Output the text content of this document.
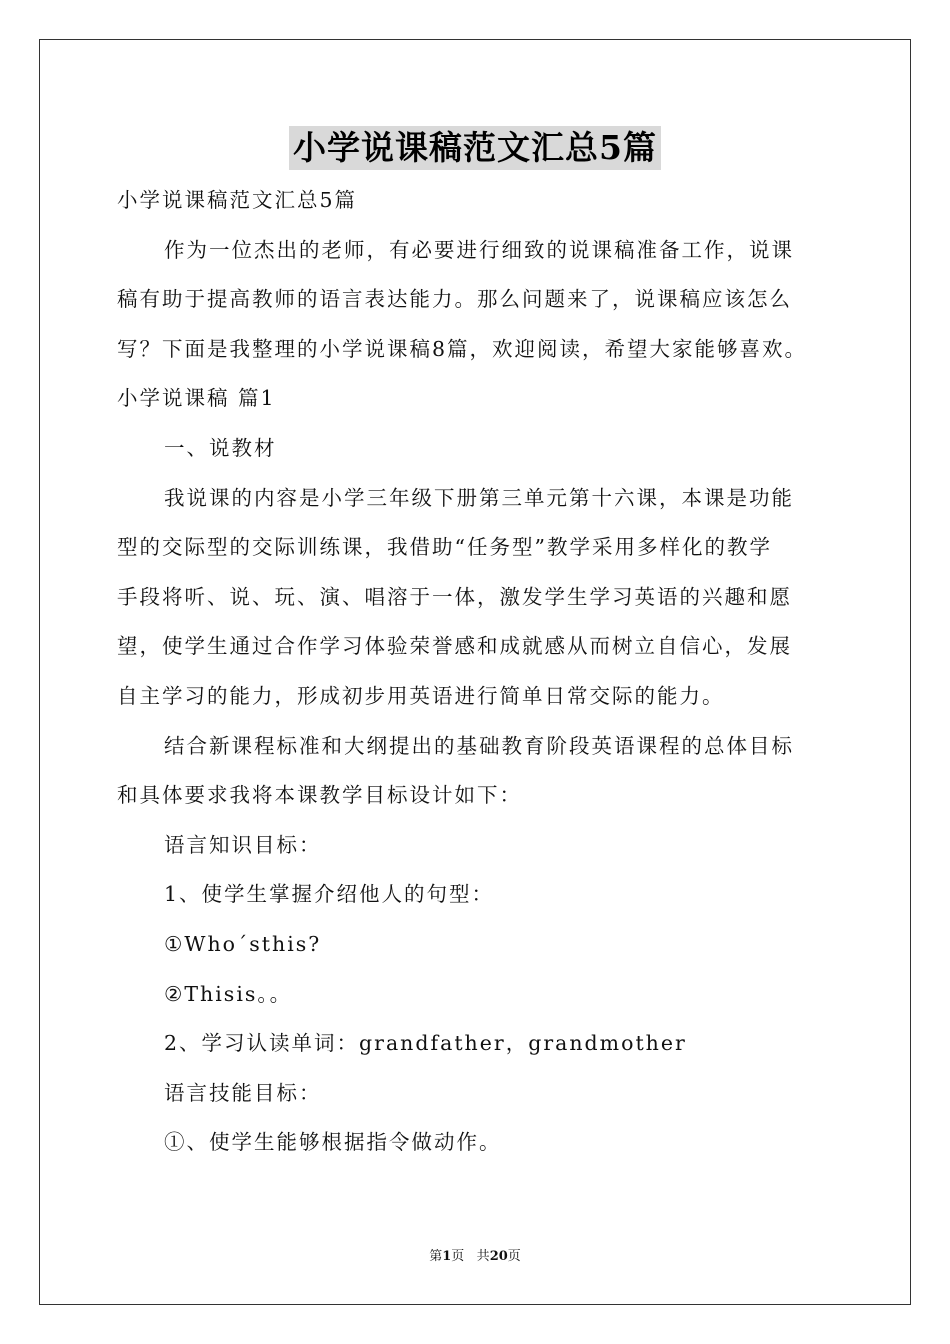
小学说课稿范文汇总5篇
小学说课稿范文汇总5篇
作为一位杰出的老师，有必要进行细致的说课稿准备工作，说课
稿有助于提高教师的语言表达能力。那么问题来了，说课稿应该怎么
写？下面是我整理的小学说课稿8篇，欢迎阅读，希望大家能够喜欢。
小学说课稿 篇1
一、说教材
我说课的内容是小学三年级下册第三单元第十六课，本课是功能
型的交际型的交际训练课，我借助“任务型”教学采用多样化的教学
手段将听、说、玩、演、唱溶于一体，激发学生学习英语的兴趣和愿
望，使学生通过合作学习体验荣誉感和成就感从而树立自信心，发展
自主学习的能力，形成初步用英语进行简单日常交际的能力。
结合新课程标准和大纲提出的基础教育阶段英语课程的总体目标
和具体要求我将本课教学目标设计如下：
语言知识目标：
1、使学生掌握介绍他人的句型：
①Who´sthis?
②Thisis。。
2、学习认读单词：grandfather，grandmother
语言技能目标：
①、使学生能够根据指令做动作。
第1页 共20页
